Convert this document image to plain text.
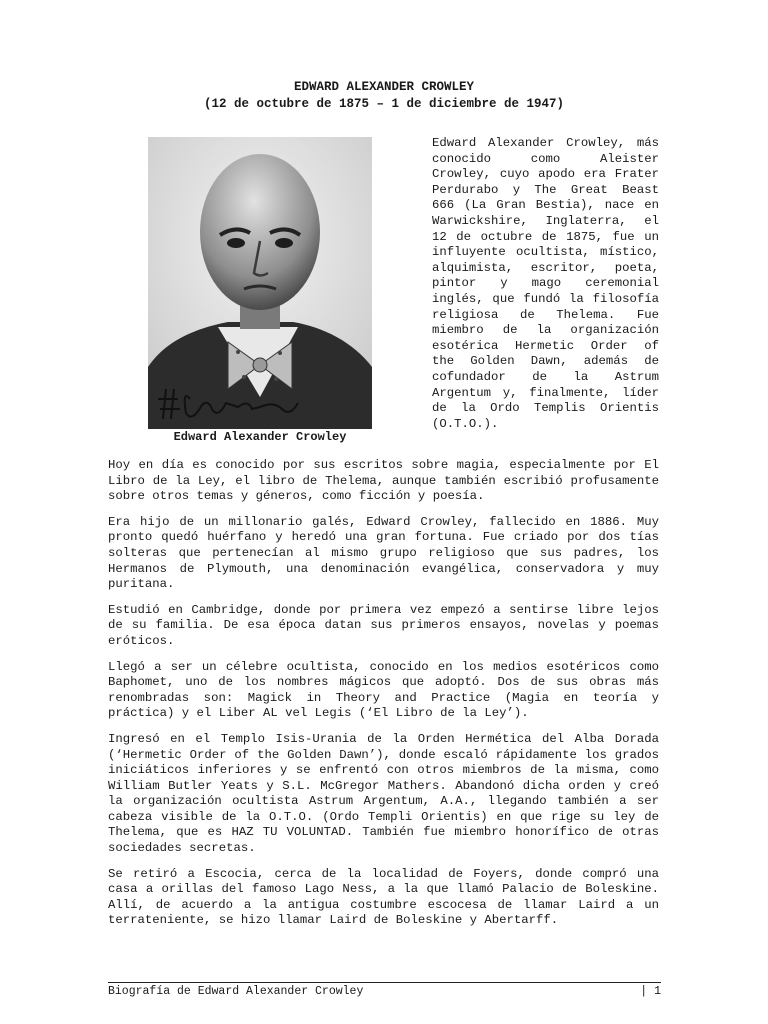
EDWARD ALEXANDER CROWLEY
(12 de octubre de 1875 – 1 de diciembre de 1947)
Edward Alexander Crowley
Edward Alexander Crowley, más conocido como Aleister Crowley, cuyo apodo era Frater Perdurabo y The Great Beast 666 (La Gran Bestia), nace en Warwickshire, Inglaterra, el 12 de octubre de 1875, fue un influyente ocultista, místico, alquimista, escritor, poeta, pintor y mago ceremonial inglés, que fundó la filosofía religiosa de Thelema. Fue miembro de la organización esotérica Hermetic Order of the Golden Dawn, además de cofundador de la Astrum Argentum y, finalmente, líder de la Ordo Templis Orientis (O.T.O.).

Hoy en día es conocido por sus escritos sobre magia, especialmente por El Libro de la Ley, el libro de Thelema, aunque también escribió profusamente sobre otros temas y géneros, como ficción y poesía.

Era hijo de un millonario galés, Edward Crowley, fallecido en 1886. Muy pronto quedó huérfano y heredó una gran fortuna. Fue criado por dos tías solteras que pertenecían al mismo grupo religioso que sus padres, los Hermanos de Plymouth, una denominación evangélica, conservadora y muy puritana.

Estudió en Cambridge, donde por primera vez empezó a sentirse libre lejos de su familia. De esa época datan sus primeros ensayos, novelas y poemas eróticos.

Llegó a ser un célebre ocultista, conocido en los medios esotéricos como Baphomet, uno de los nombres mágicos que adoptó. Dos de sus obras más renombradas son: Magick in Theory and Practice (Magia en teoría y práctica) y el Liber AL vel Legis (‘El Libro de la Ley’).

Ingresó en el Templo Isis-Urania de la Orden Hermética del Alba Dorada (‘Hermetic Order of the Golden Dawn’), donde escaló rápidamente los grados iniciáticos inferiores y se enfrentó con otros miembros de la misma, como William Butler Yeats y S.L. McGregor Mathers. Abandonó dicha orden y creó la organización ocultista Astrum Argentum, A.A., llegando también a ser cabeza visible de la O.T.O. (Ordo Templi Orientis) en que rige su ley de Thelema, que es HAZ TU VOLUNTAD. También fue miembro honorífico de otras sociedades secretas.

Se retiró a Escocia, cerca de la localidad de Foyers, donde compró una casa a orillas del famoso Lago Ness, a la que llamó Palacio de Boleskine. Allí, de acuerdo a la antigua costumbre escocesa de llamar Laird a un terrateniente, se hizo llamar Laird de Boleskine y Abertarff.

Biografía de Edward Alexander Crowley	| 1
